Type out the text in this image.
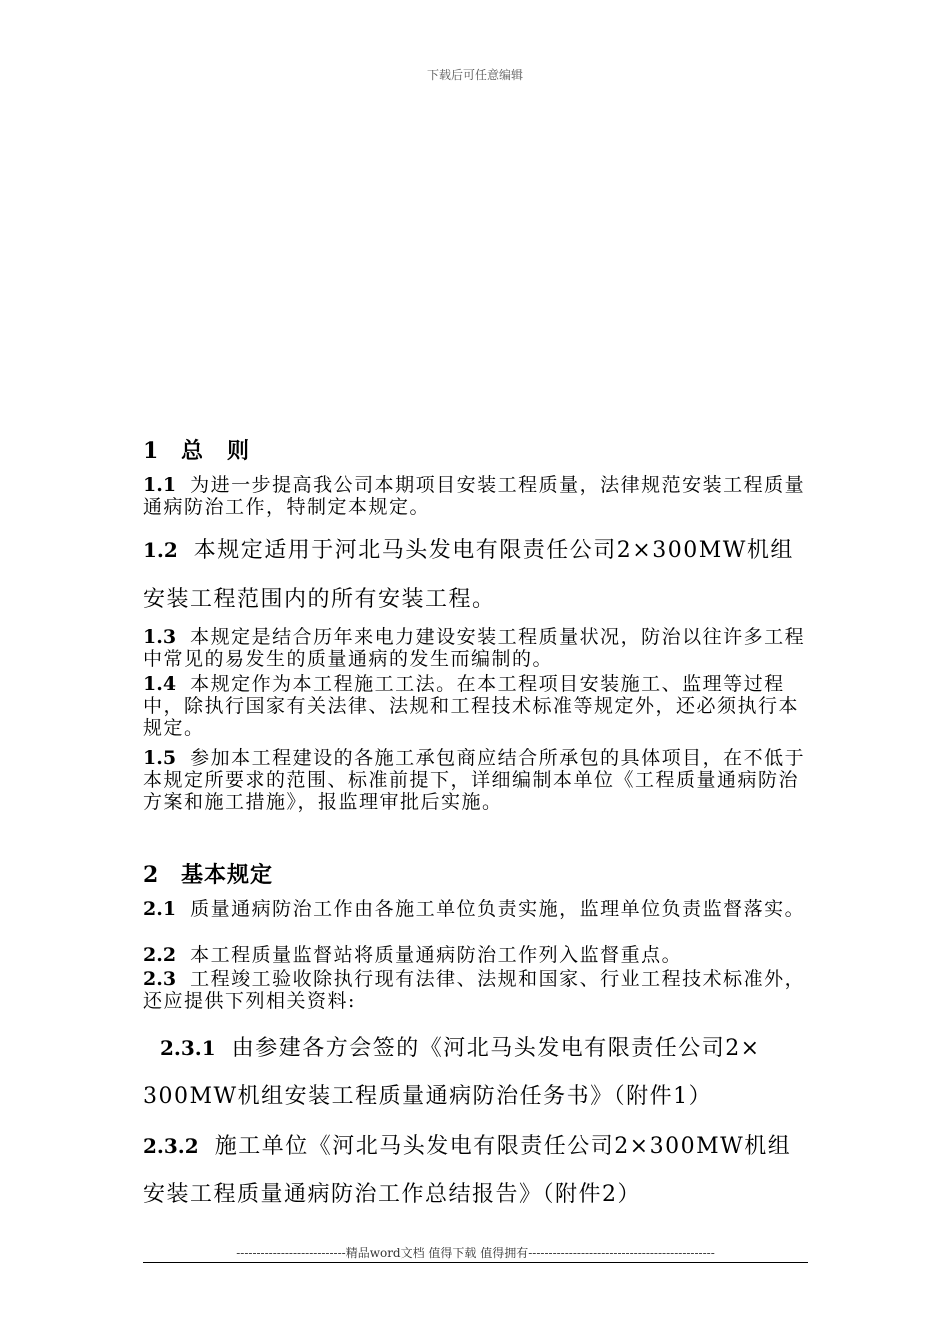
下载后可任意编辑
1 总　则
1.1 为进一步提高我公司本期项目安装工程质量，法律规范安装工程质量通病防治工作，特制定本规定。
1.2 本规定适用于河北马头发电有限责任公司2×300MW机组
安装工程范围内的所有安装工程。
1.3 本规定是结合历年来电力建设安装工程质量状况，防治以往许多工程中常见的易发生的质量通病的发生而编制的。
1.4 本规定作为本工程施工工法。在本工程项目安装施工、监理等过程中，除执行国家有关法律、法规和工程技术标准等规定外，还必须执行本规定。
1.5 参加本工程建设的各施工承包商应结合所承包的具体项目，在不低于本规定所要求的范围、标准前提下，详细编制本单位《工程质量通病防治方案和施工措施》，报监理审批后实施。
2 基本规定
2.1 质量通病防治工作由各施工单位负责实施，监理单位负责监督落实。
2.2 本工程质量监督站将质量通病防治工作列入监督重点。
2.3 工程竣工验收除执行现有法律、法规和国家、行业工程技术标准外，还应提供下列相关资料:
2.3.1 由参建各方会签的《河北马头发电有限责任公司2×
300MW机组安装工程质量通病防治任务书》（附件1）
2.3.2 施工单位《河北马头发电有限责任公司2×300MW机组
安装工程质量通病防治工作总结报告》（附件2）
---------------------------精品word文档 值得下载 值得拥有----------------------------------------------
